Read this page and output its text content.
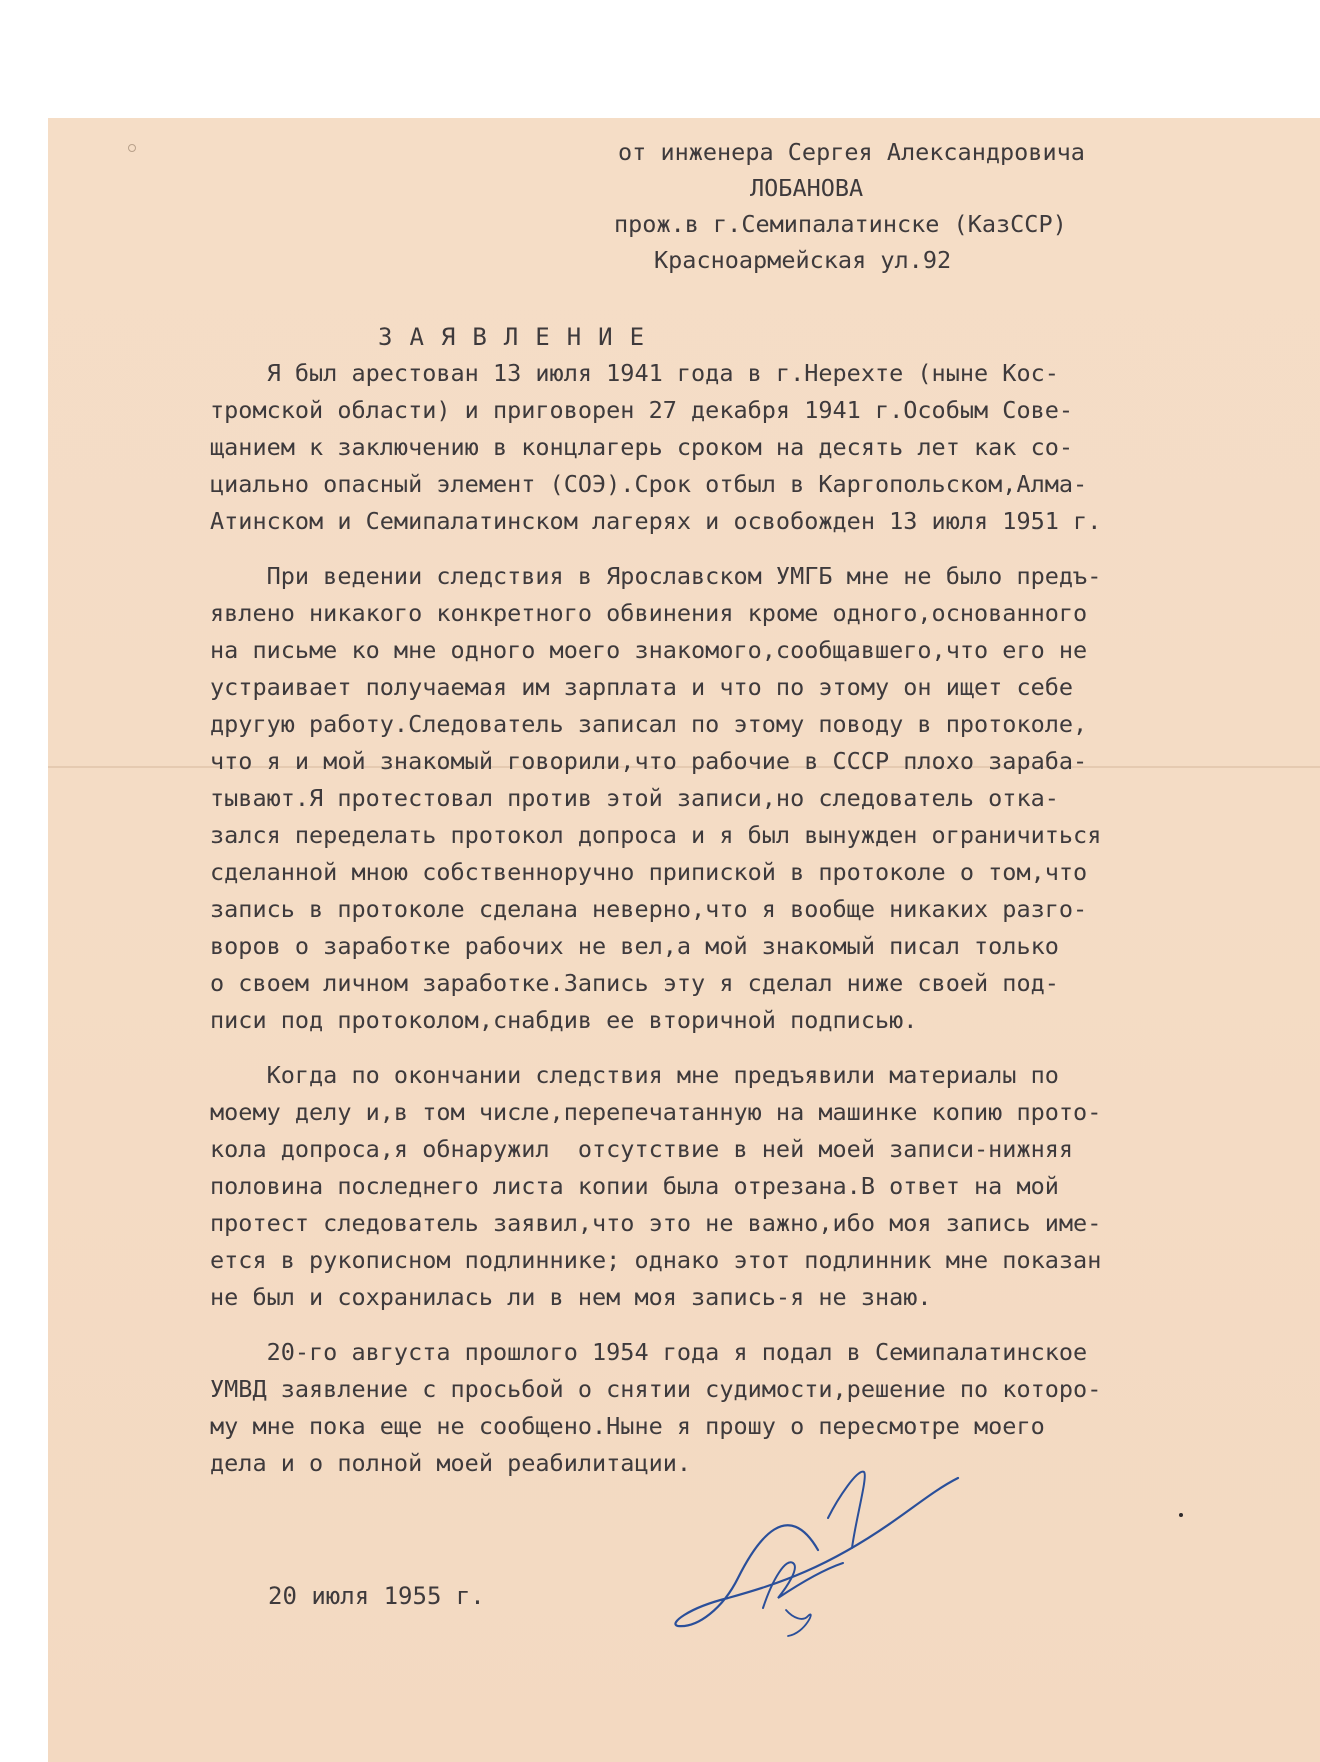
от инженера Сергея Александровича
ЛОБАНОВА
прож.в г.Семипалатинске (КазССР)
Красноармейская ул.92
ЗАЯВЛЕНИЕ
Я был арестован 13 июля 1941 года в г.Нерехте (ныне Кос-
тромской области) и приговорен 27 декабря 1941 г.Особым Сове-
щанием к заключению в концлагерь сроком на десять лет как со-
циально опасный элемент (СОЭ).Срок отбыл в Каргопольском,Алма-
Атинском и Семипалатинском лагерях и освобожден 13 июля 1951 г.
При ведении следствия в Ярославском УМГБ мне не было предъ-
явлено никакого конкретного обвинения кроме одного,основанного
на письме ко мне одного моего знакомого,сообщавшего,что его не
устраивает получаемая им зарплата и что по этому он ищет себе
другую работу.Следователь записал по этому поводу в протоколе,
что я и мой знакомый говорили,что рабочие в СССР плохо зараба-
тывают.Я протестовал против этой записи,но следователь отка-
зался переделать протокол допроса и я был вынужден ограничиться
сделанной мною собственноручно припиской в протоколе о том,что
запись в протоколе сделана неверно,что я вообще никаких разго-
воров о заработке рабочих не вел,а мой знакомый писал только
о своем личном заработке.Запись эту я сделал ниже своей под-
писи под протоколом,снабдив ее вторичной подписью.
Когда по окончании следствия мне предъявили материалы по
моему делу и,в том числе,перепечатанную на машинке копию прото-
кола допроса,я обнаружил  отсутствие в ней моей записи-нижняя
половина последнего листа копии была отрезана.В ответ на мой
протест следователь заявил,что это не важно,ибо моя запись име-
ется в рукописном подлиннике; однако этот подлинник мне показан
не был и сохранилась ли в нем моя запись-я не знаю.
20-го августа прошлого 1954 года я подал в Семипалатинское
УМВД заявление с просьбой о снятии судимости,решение по которо-
му мне пока еще не сообщено.Ныне я прошу о пересмотре моего
дела и о полной моей реабилитации.
20 июля 1955 г.
